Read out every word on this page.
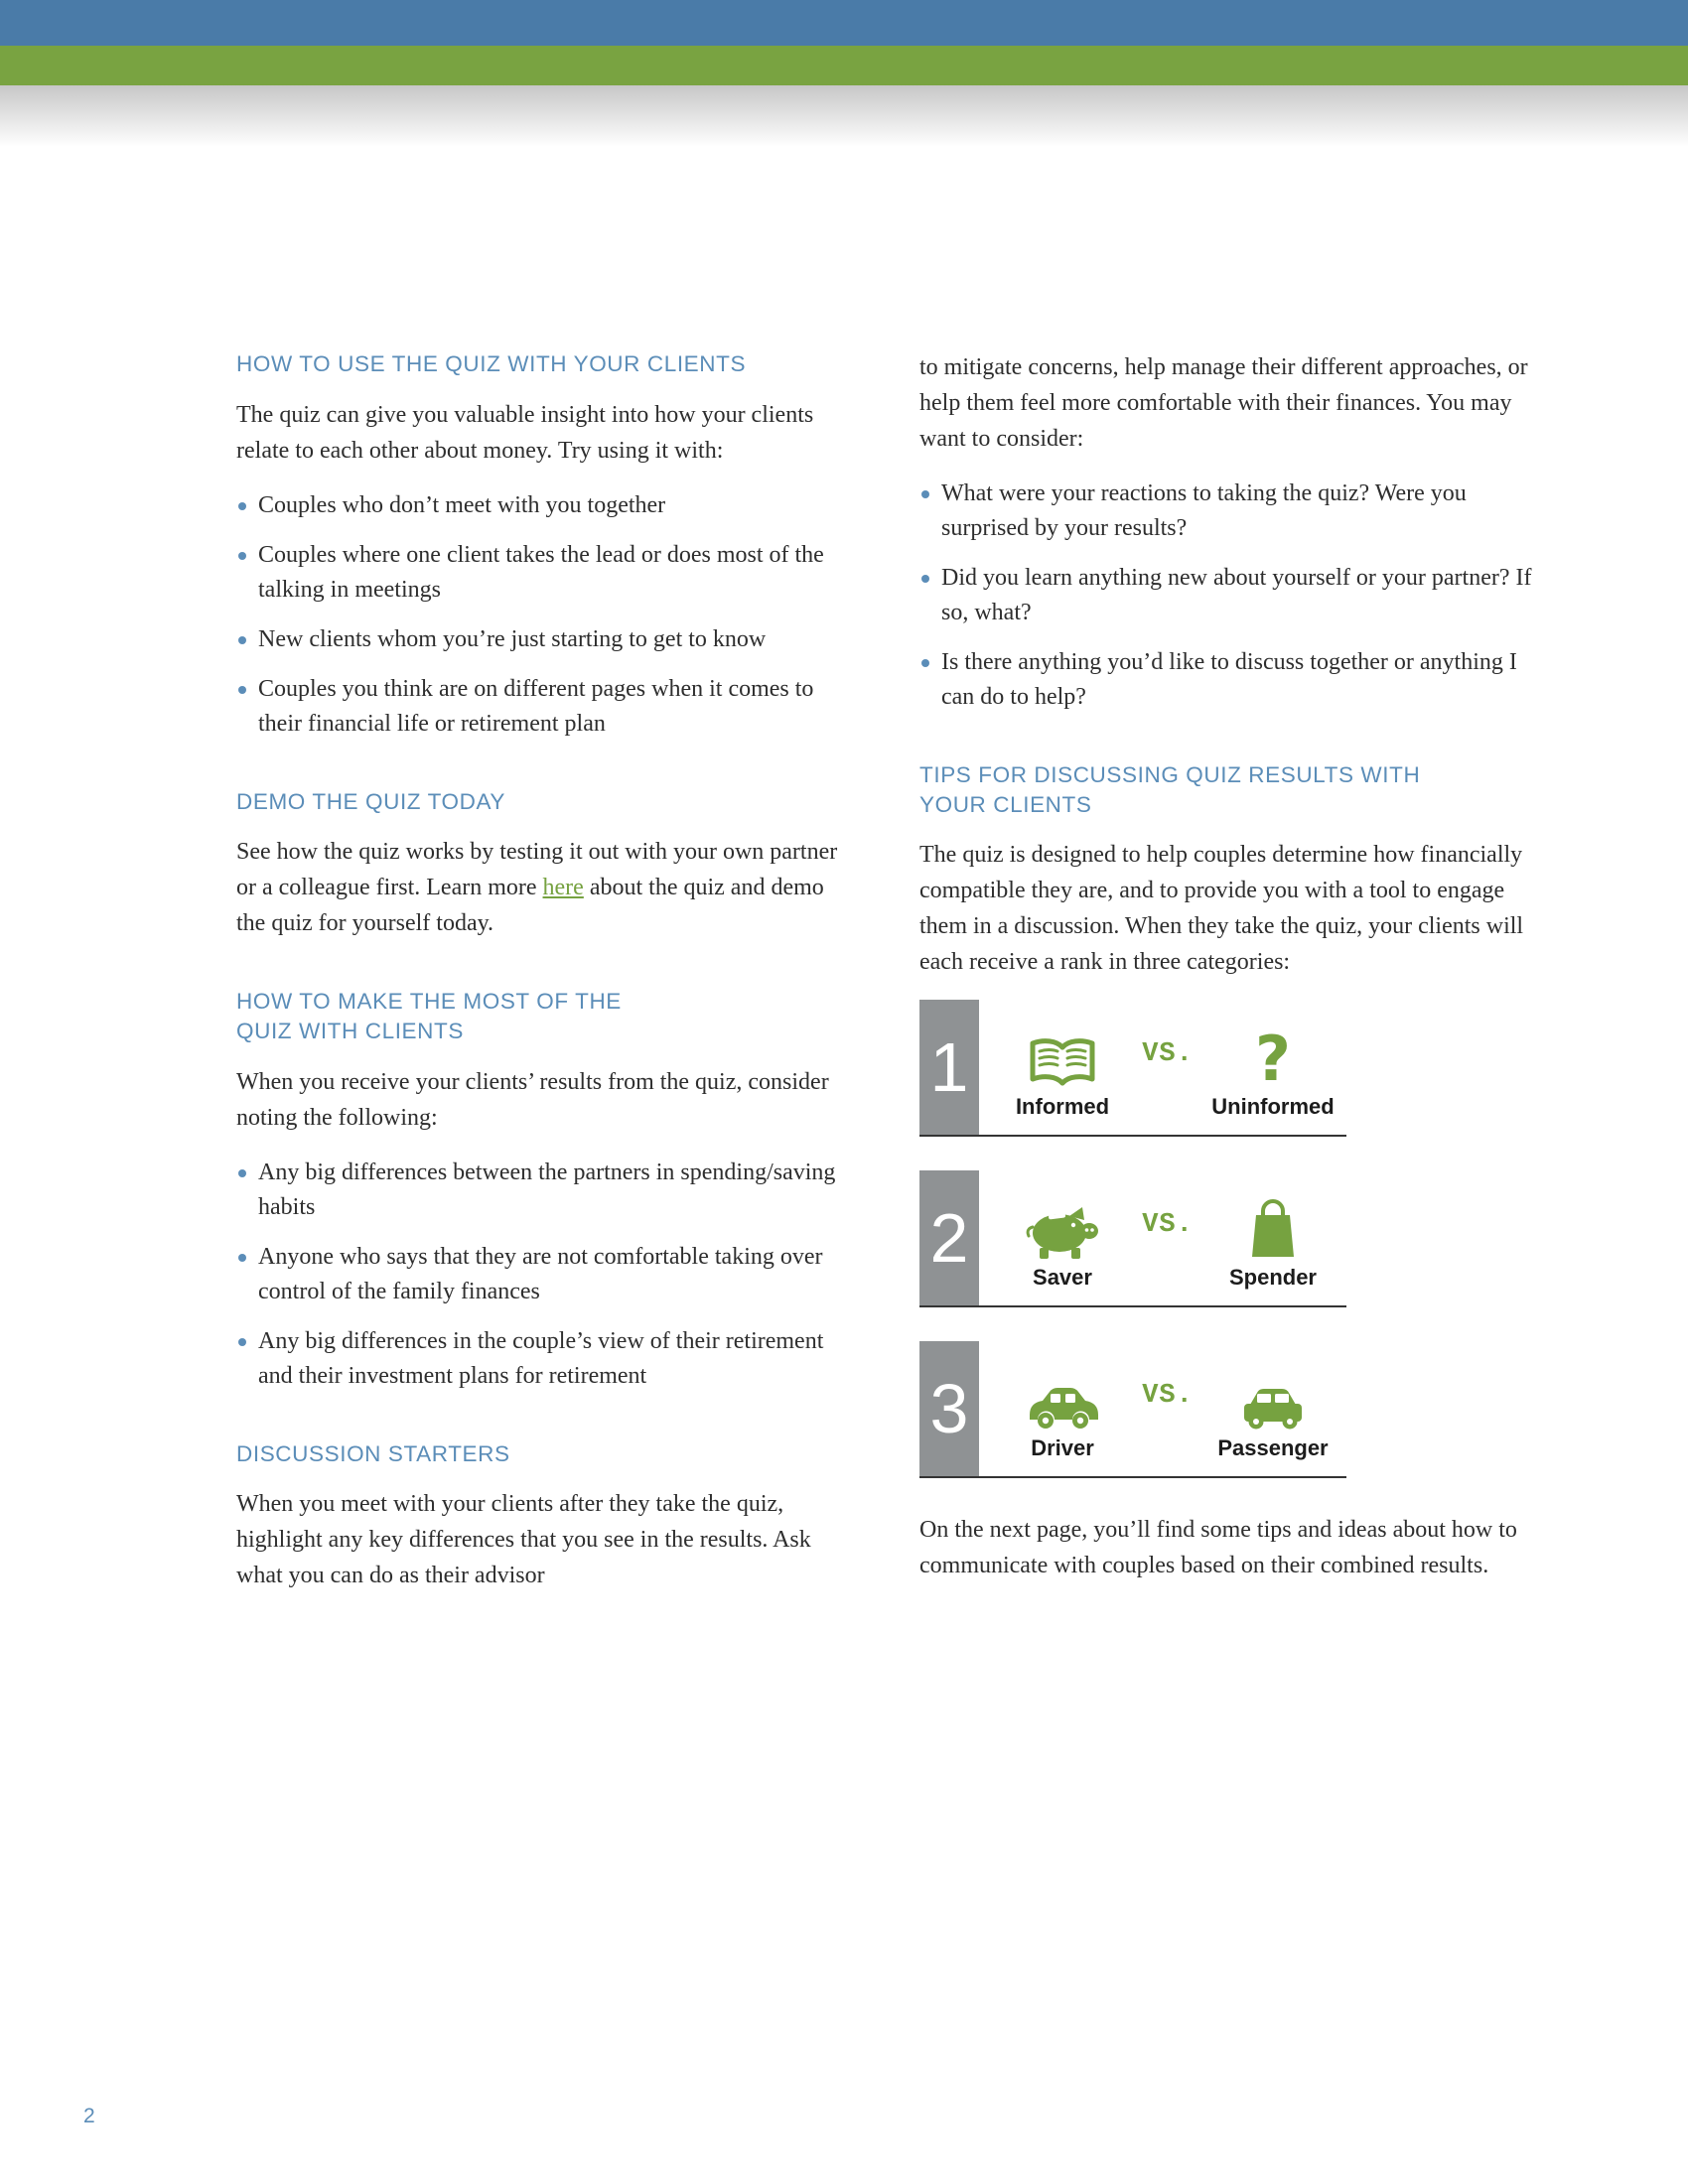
HOW TO USE THE QUIZ WITH YOUR CLIENTS

The quiz can give you valuable insight into how your clients relate to each other about money. Try using it with:

Couples who don’t meet with you together
Couples where one client takes the lead or does most of the talking in meetings
New clients whom you’re just starting to get to know
Couples you think are on different pages when it comes to their financial life or retirement plan
DEMO THE QUIZ TODAY

See how the quiz works by testing it out with your own partner or a colleague first. Learn more here about the quiz and demo the quiz for yourself today.

HOW TO MAKE THE MOST OF THE QUIZ WITH CLIENTS

When you receive your clients’ results from the quiz, consider noting the following:

Any big differences between the partners in spending/saving habits
Anyone who says that they are not comfortable taking over control of the family finances
Any big differences in the couple’s view of their retirement and their investment plans for retirement
DISCUSSION STARTERS

When you meet with your clients after they take the quiz, highlight any key differences that you see in the results. Ask what you can do as their advisor

to mitigate concerns, help manage their different approaches, or help them feel more comfortable with their finances. You may want to consider:

What were your reactions to taking the quiz? Were you surprised by your results?
Did you learn anything new about yourself or your partner? If so, what?
Is there anything you’d like to discuss together or anything I can do to help?
TIPS FOR DISCUSSING QUIZ RESULTS WITH YOUR CLIENTS

The quiz is designed to help couples determine how financially compatible they are, and to provide you with a tool to engage them in a discussion. When they take the quiz, your clients will each receive a rank in three categories:

1
Informed
VS. ?
Uninformed
2
Saver
VS.
Spender
3
Driver
VS.
Passenger

On the next page, you’ll find some tips and ideas about how to communicate with couples based on their combined results.

2
